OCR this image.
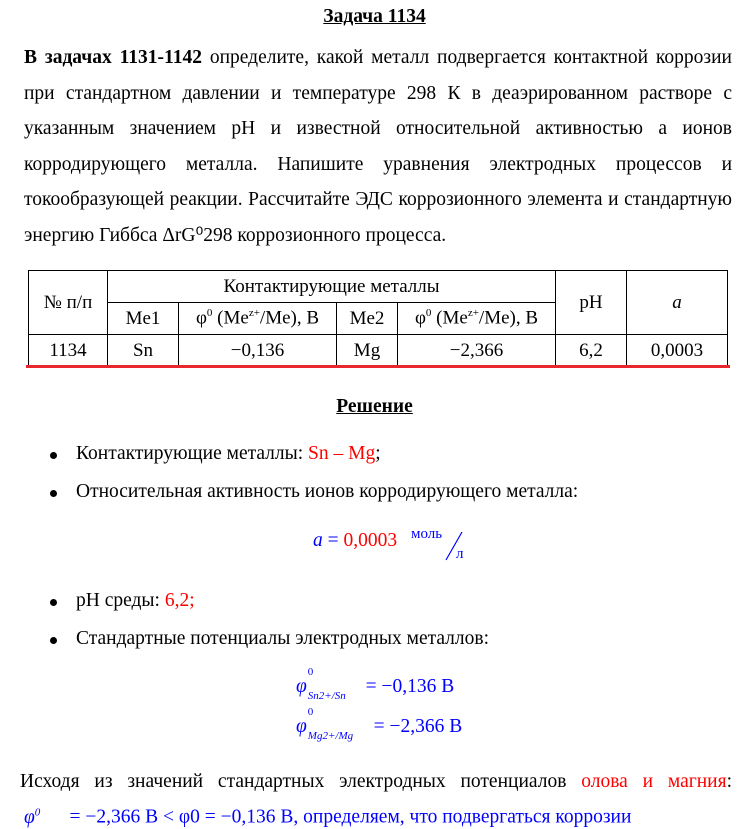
Задача 1134
В задачах 1131-1142 определите, какой металл подвергается контактной коррозии при стандартном давлении и температуре 298 К в деаэрированном растворе с указанным значением pH и известной относительной активностью a ионов корродирующего металла. Напишите уравнения электродных процессов и токообразующей реакции. Рассчитайте ЭДС коррозионного элемента и стандартную энергию Гиббса ΔrG⁰298 коррозионного процесса.
№ п/п	Контактирующие металлы				pH	a
	Me1	$\varphi^0$ $(Me^{z+}/Me)$, В	Me2	$\varphi^0$ $(Me^{z+}/Me)$, В		
1134	Sn	−0,136	Mg	−2,366	6,2	0,0003
Решение
Контактирующие металлы: Sn – Mg;
Относительная активность ионов корродирующего металла:
a = 0,0003 моль
л
pH среды: 6,2;
Стандартные потенциалы электродных металлов:
φ
0
Sn2+/Sn = −0,136 В
φ
0
Mg2+/Mg = −2,366 В
Исходя из значений стандартных электродных потенциалов олова и магния:
$\varphi^0 = -2,366$ В < φ0 = −0,136 В, определяем, что подвергаться коррозии
